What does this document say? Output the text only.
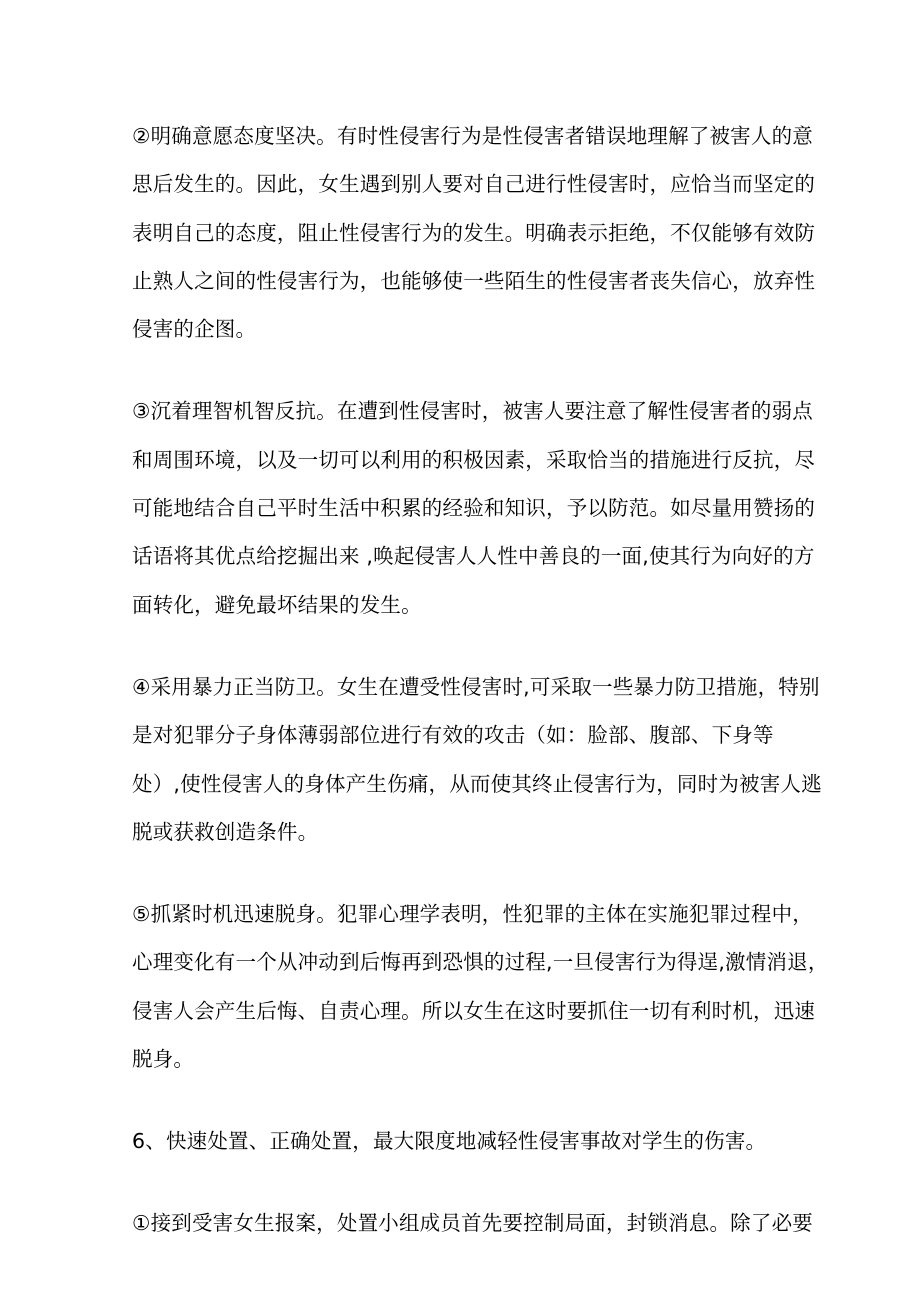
②明确意愿态度坚决。有时性侵害行为是性侵害者错误地理解了被害人的意
思后发生的。因此，女生遇到别人要对自己进行性侵害时，应恰当而坚定的
表明自己的态度，阻止性侵害行为的发生。明确表示拒绝，不仅能够有效防
止熟人之间的性侵害行为，也能够使一些陌生的性侵害者丧失信心，放弃性
侵害的企图。

③沉着理智机智反抗。在遭到性侵害时，被害人要注意了解性侵害者的弱点
和周围环境，以及一切可以利用的积极因素，采取恰当的措施进行反抗，尽
可能地结合自己平时生活中积累的经验和知识，予以防范。如尽量用赞扬的
话语将其优点给挖掘出来 ,唤起侵害人人性中善良的一面,使其行为向好的方
面转化，避免最坏结果的发生。

④采用暴力正当防卫。女生在遭受性侵害时,可采取一些暴力防卫措施，特别
是对犯罪分子身体薄弱部位进行有效的攻击（如：脸部、腹部、下身等
处）,使性侵害人的身体产生伤痛，从而使其终止侵害行为，同时为被害人逃
脱或获救创造条件。

⑤抓紧时机迅速脱身。犯罪心理学表明，性犯罪的主体在实施犯罪过程中，
心理变化有一个从冲动到后悔再到恐惧的过程,一旦侵害行为得逞,激情消退，
侵害人会产生后悔、自责心理。所以女生在这时要抓住一切有利时机，迅速
脱身。

6、快速处置、正确处置，最大限度地减轻性侵害事故对学生的伤害。

①接到受害女生报案，处置小组成员首先要控制局面，封锁消息。除了必要
